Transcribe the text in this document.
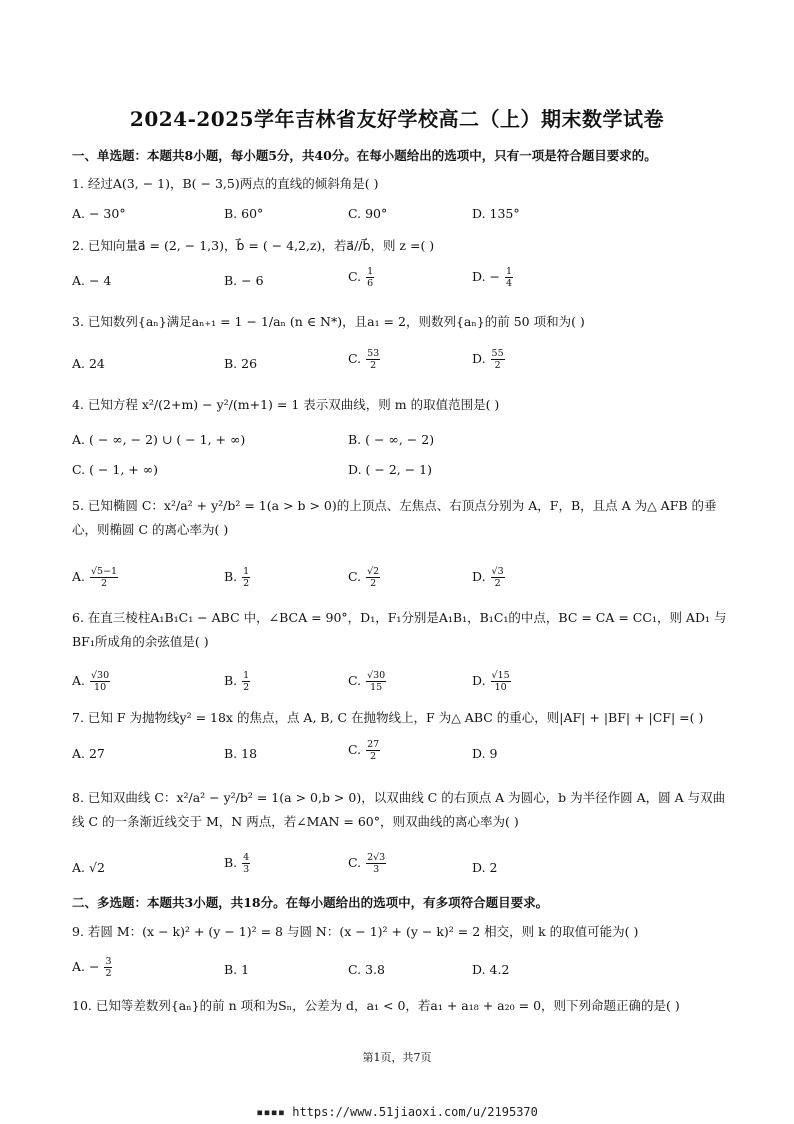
2024-2025学年吉林省友好学校高二（上）期末数学试卷
一、单选题：本题共8小题，每小题5分，共40分。在每小题给出的选项中，只有一项是符合题目要求的。
1. 经过A(3, − 1)，B( − 3,5)两点的直线的倾斜角是( )
A. − 30°	B. 60°	C. 90°	D. 135°
2. 已知向量a⃗ = (2, − 1,3)，b⃗ = ( − 4,2,z)，若a⃗//b⃗，则 z =( )
A. − 4	B. − 6	C. $\frac{1}{6}$	D. − $\frac{1}{4}$
3. 已知数列{aₙ}满足aₙ₊₁ = 1 − 1/aₙ (n ∈ N*)，且a₁ = 2，则数列{aₙ}的前 50 项和为( )
A. 24	B. 26	C. $\frac{53}{2}$	D. $\frac{55}{2}$
4. 已知方程 x²/(2+m) − y²/(m+1) = 1 表示双曲线，则 m 的取值范围是( )
A. ( − ∞, − 2) ∪ ( − 1, + ∞)	B. ( − ∞, − 2)
C. ( − 1, + ∞)	D. ( − 2, − 1)
5. 已知椭圆 C：x²/a² + y²/b² = 1(a > b > 0)的上顶点、左焦点、右顶点分别为 A，F，B，且点 A 为△ AFB 的垂心，则椭圆 C 的离心率为( )
A. $\frac{√5-1}{2}$	B. $\frac{1}{2}$	C. $\frac{√2}{2}$	D. $\frac{√3}{2}$
6. 在直三棱柱A₁B₁C₁ − ABC 中，∠BCA = 90°，D₁，F₁分别是A₁B₁，B₁C₁的中点，BC = CA = CC₁，则 AD₁ 与 BF₁所成角的余弦值是( )
A. $\frac{√30}{10}$	B. $\frac{1}{2}$	C. $\frac{√30}{15}$	D. $\frac{√15}{10}$
7. 已知 F 为抛物线y² = 18x 的焦点，点 A, B, C 在抛物线上，F 为△ ABC 的重心，则|AF| + |BF| + |CF| =( )
A. 27	B. 18	C. $\frac{27}{2}$	D. 9
8. 已知双曲线 C：x²/a² − y²/b² = 1(a > 0,b > 0)，以双曲线 C 的右顶点 A 为圆心，b 为半径作圆 A，圆 A 与双曲线 C 的一条渐近线交于 M，N 两点，若∠MAN = 60°，则双曲线的离心率为( )
A. √2	B. $\frac{4}{3}$	C. $\frac{2√3}{3}$	D. 2
二、多选题：本题共3小题，共18分。在每小题给出的选项中，有多项符合题目要求。
9. 若圆 M：(x − k)² + (y − 1)² = 8 与圆 N：(x − 1)² + (y − k)² = 2 相交，则 k 的取值可能为( )
A. − $\frac{3}{2}$	B. 1	C. 3.8	D. 4.2
10. 已知等差数列{aₙ}的前 n 项和为Sₙ，公差为 d，a₁ < 0，若a₁ + a₁₈ + a₂₀ = 0，则下列命题正确的是( )
第1页，共7页
▪▪▪▪ https://www.51jiaoxi.com/u/2195370
